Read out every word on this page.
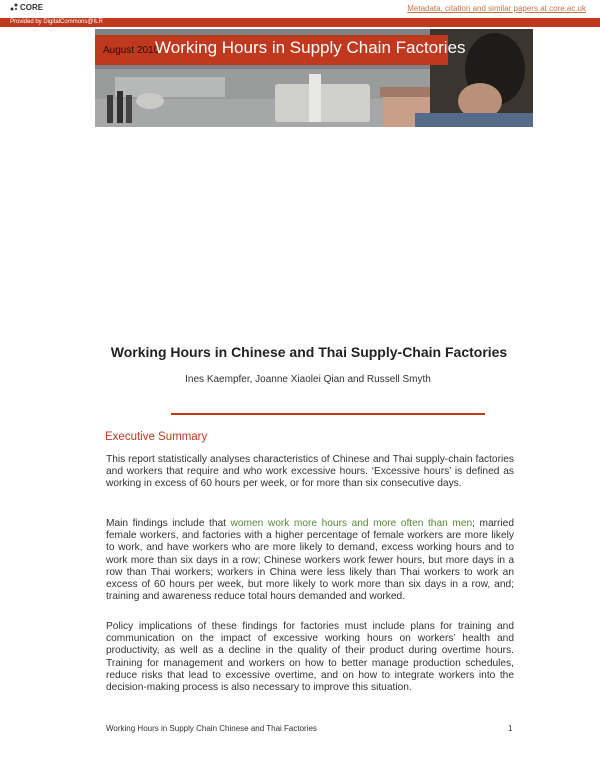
CORE	Metadata, citation and similar papers at core.ac.uk
Provided by DigitalCommons@ILR
August 2010
Working Hours in Supply Chain Factories
Working Hours in Chinese and Thai Supply-Chain Factories
Ines Kaempfer, Joanne Xiaolei Qian and Russell Smyth
Executive Summary

This report statistically analyses characteristics of Chinese and Thai supply-chain factories and workers that require and who work excessive hours. ‘Excessive hours’ is defined as working in excess of 60 hours per week, or for more than six consecutive days.

Main findings include that women work more hours and more often than men; married female workers, and factories with a higher percentage of female workers are more likely to work, and have workers who are more likely to demand, excess working hours and to work more than six days in a row; Chinese workers work fewer hours, but more days in a row than Thai workers; workers in China were less likely than Thai workers to work an excess of 60 hours per week, but more likely to work more than six days in a row, and; training and awareness reduce total hours demanded and worked.

Policy implications of these findings for factories must include plans for training and communication on the impact of excessive working hours on workers’ health and productivity, as well as a decline in the quality of their product during overtime hours. Training for management and workers on how to better manage production schedules, reduce risks that lead to excessive overtime, and on how to integrate workers into the decision-making process is also necessary to improve this situation.

Working Hours in Supply Chain Chinese and Thai Factories	1
